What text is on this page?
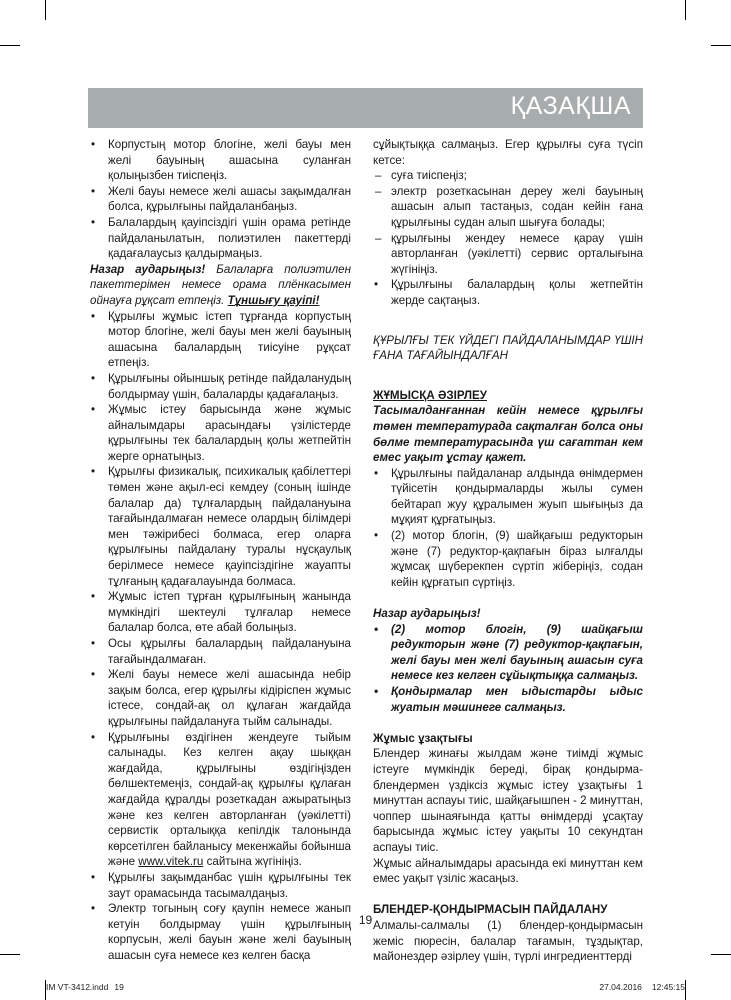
ҚАЗАҚША
• Корпустың мотор блогіне, желі бауы мен желі бауының ашасына суланған қолыңызбен тиіспеңіз.
• Желі бауы немесе желі ашасы зақымдалған болса, құрылғыны пайдаланбаңыз.
• Балалардың қауіпсіздігі үшін орама ретінде пайдаланылатын, полиэтилен пакеттерді қадағалаусыз қалдырмаңыз.

Назар аударыңыз! Балаларға полиэтилен пакеттерімен немесе орама плёнкасымен ойнауға рұқсат етпеңіз. Тұншығу қауіпі!

• Құрылғы жұмыс істеп тұрғанда корпустың мотор блогіне, желі бауы мен желі бауының ашасына балалардың тиісуіне рұқсат етпеңіз.
• Құрылғыны ойыншық ретінде пайдаланудың болдырмау үшін, балаларды қадағалаңыз.
• Жұмыс істеу барысында және жұмыс айналымдары арасындағы үзілістерде құрылғыны тек балалардың қолы жетпейтін жерге орнатыңыз.
• Құрылғы физикалық, психикалық қабілеттері төмен және ақыл-есі кемдеу (соның ішінде балалар да) тұлғалардың пайдалануына тағайындалмаған немесе олардың білімдері мен тәжірибесі болмаса, егер оларға құрылғыны пайдалану туралы нұсқаулық берілмесе немесе қауіпсіздігіне жауапты тұлғаның қадағалауында болмаса.
• Жұмыс істеп тұрған құрылғының жанында мүмкіндігі шектеулі тұлғалар немесе балалар болса, өте абай болыңыз.
• Осы құрылғы балалардың пайдалануына тағайындалмаған.
• Желі бауы немесе желі ашасында небір зақым болса, егер құрылғы кідіріспен жұмыс істесе, сондай-ақ ол құлаған жағдайда құрылғыны пайдалануға тыйм салынады.
• Құрылғыны өздігінен жендеуге тыйым салынады. Кез келген ақау шыққан жағдайда, құрылғыны өздігіңізден бөлшектемеңіз, сондай-ақ құрылғы құлаған жағдайда құралды розеткадан ажыратыңыз және кез келген авторланған (уәкілетті) сервистік орталыққа кепілдік талонында көрсетілген байланысу мекенжайы бойынша және www.vitek.ru сайтына жүгініңіз.
• Құрылғы зақымданбас үшін құрылғыны тек заут орамасында тасымалдаңыз.
• Электр тогының соғу қаупін немесе жанып кетуін болдырмау үшін құрылғының корпусын, желі бауын және желі бауының ашасын суға немесе кез келген басқа

сұйықтыққа салмаңыз. Егер құрылғы суға түсіп кетсе:

– суға тиіспеңіз;
– электр розеткасынан дереу желі бауының ашасын алып тастаңыз, содан кейін ғана құрылғыны судан алып шығуға болады;
– құрылғыны жендеу немесе қарау үшін авторланған (уәкілетті) сервис орталығына жүгініңіз.
• Құрылғыны балалардың қолы жетпейтін жерде сақтаңыз.

ҚҰРЫЛҒЫ ТЕК ҮЙДЕГІ ПАЙДАЛАНЫМДАР ҮШІН ҒАНА ТАҒАЙЫНДАЛҒАН

ЖҰМЫСҚА ӘЗІРЛЕУ

Тасымалданғаннан кейін немесе құрылғы төмен температурада сақталған болса оны бөлме температурасында үш сағаттан кем емес уақыт ұстау қажет.

• Құрылғыны пайдаланар алдында өнімдермен түйісетін қондырмаларды жылы сумен бейтарап жуу құралымен жуып шығыңыз да мұқият құрғатыңыз.
• (2) мотор блогін, (9) шайқағыш редукторын және (7) редуктор-қақпағын біраз ылғалды жұмсақ шүберекпен сүртіп жіберіңіз, содан кейін құрғатып сүртіңіз.

Назар аударыңыз!

• (2) мотор блогін, (9) шайқағыш редукторын және (7) редуктор-қақпағын, желі бауы мен желі бауының ашасын суға немесе кез келген сұйықтыққа салмаңыз.
• Қондырмалар мен ыдыстарды ыдыс жуатын мәшинеге салмаңыз.

Жұмыс ұзақтығы

Блендер жинағы жылдам және тиімді жұмыс істеуге мүмкіндік береді, бірақ қондырма-блендермен үздіксіз жұмыс істеу ұзақтығы 1 минуттан аспауы тиіс, шайқағышпен - 2 минуттан, чоппер шынаяғында қатты өнімдерді ұсақтау барысында жұмыс істеу уақыты 10 секундтан аспауы тиіс.

Жұмыс айналымдары арасында екі минуттан кем емес уақыт үзіліс жасаңыз.

БЛЕНДЕР-ҚОНДЫРМАСЫН ПАЙДАЛАНУ

Алмалы-салмалы (1) блендер-қондырмасын жеміс пюресін, балалар тағамын, тұздықтар, майонездер әзірлеу үшін, түрлі ингредиенттерді

19
IM VT-3412.indd 19	27.04.2016 12:45:15
